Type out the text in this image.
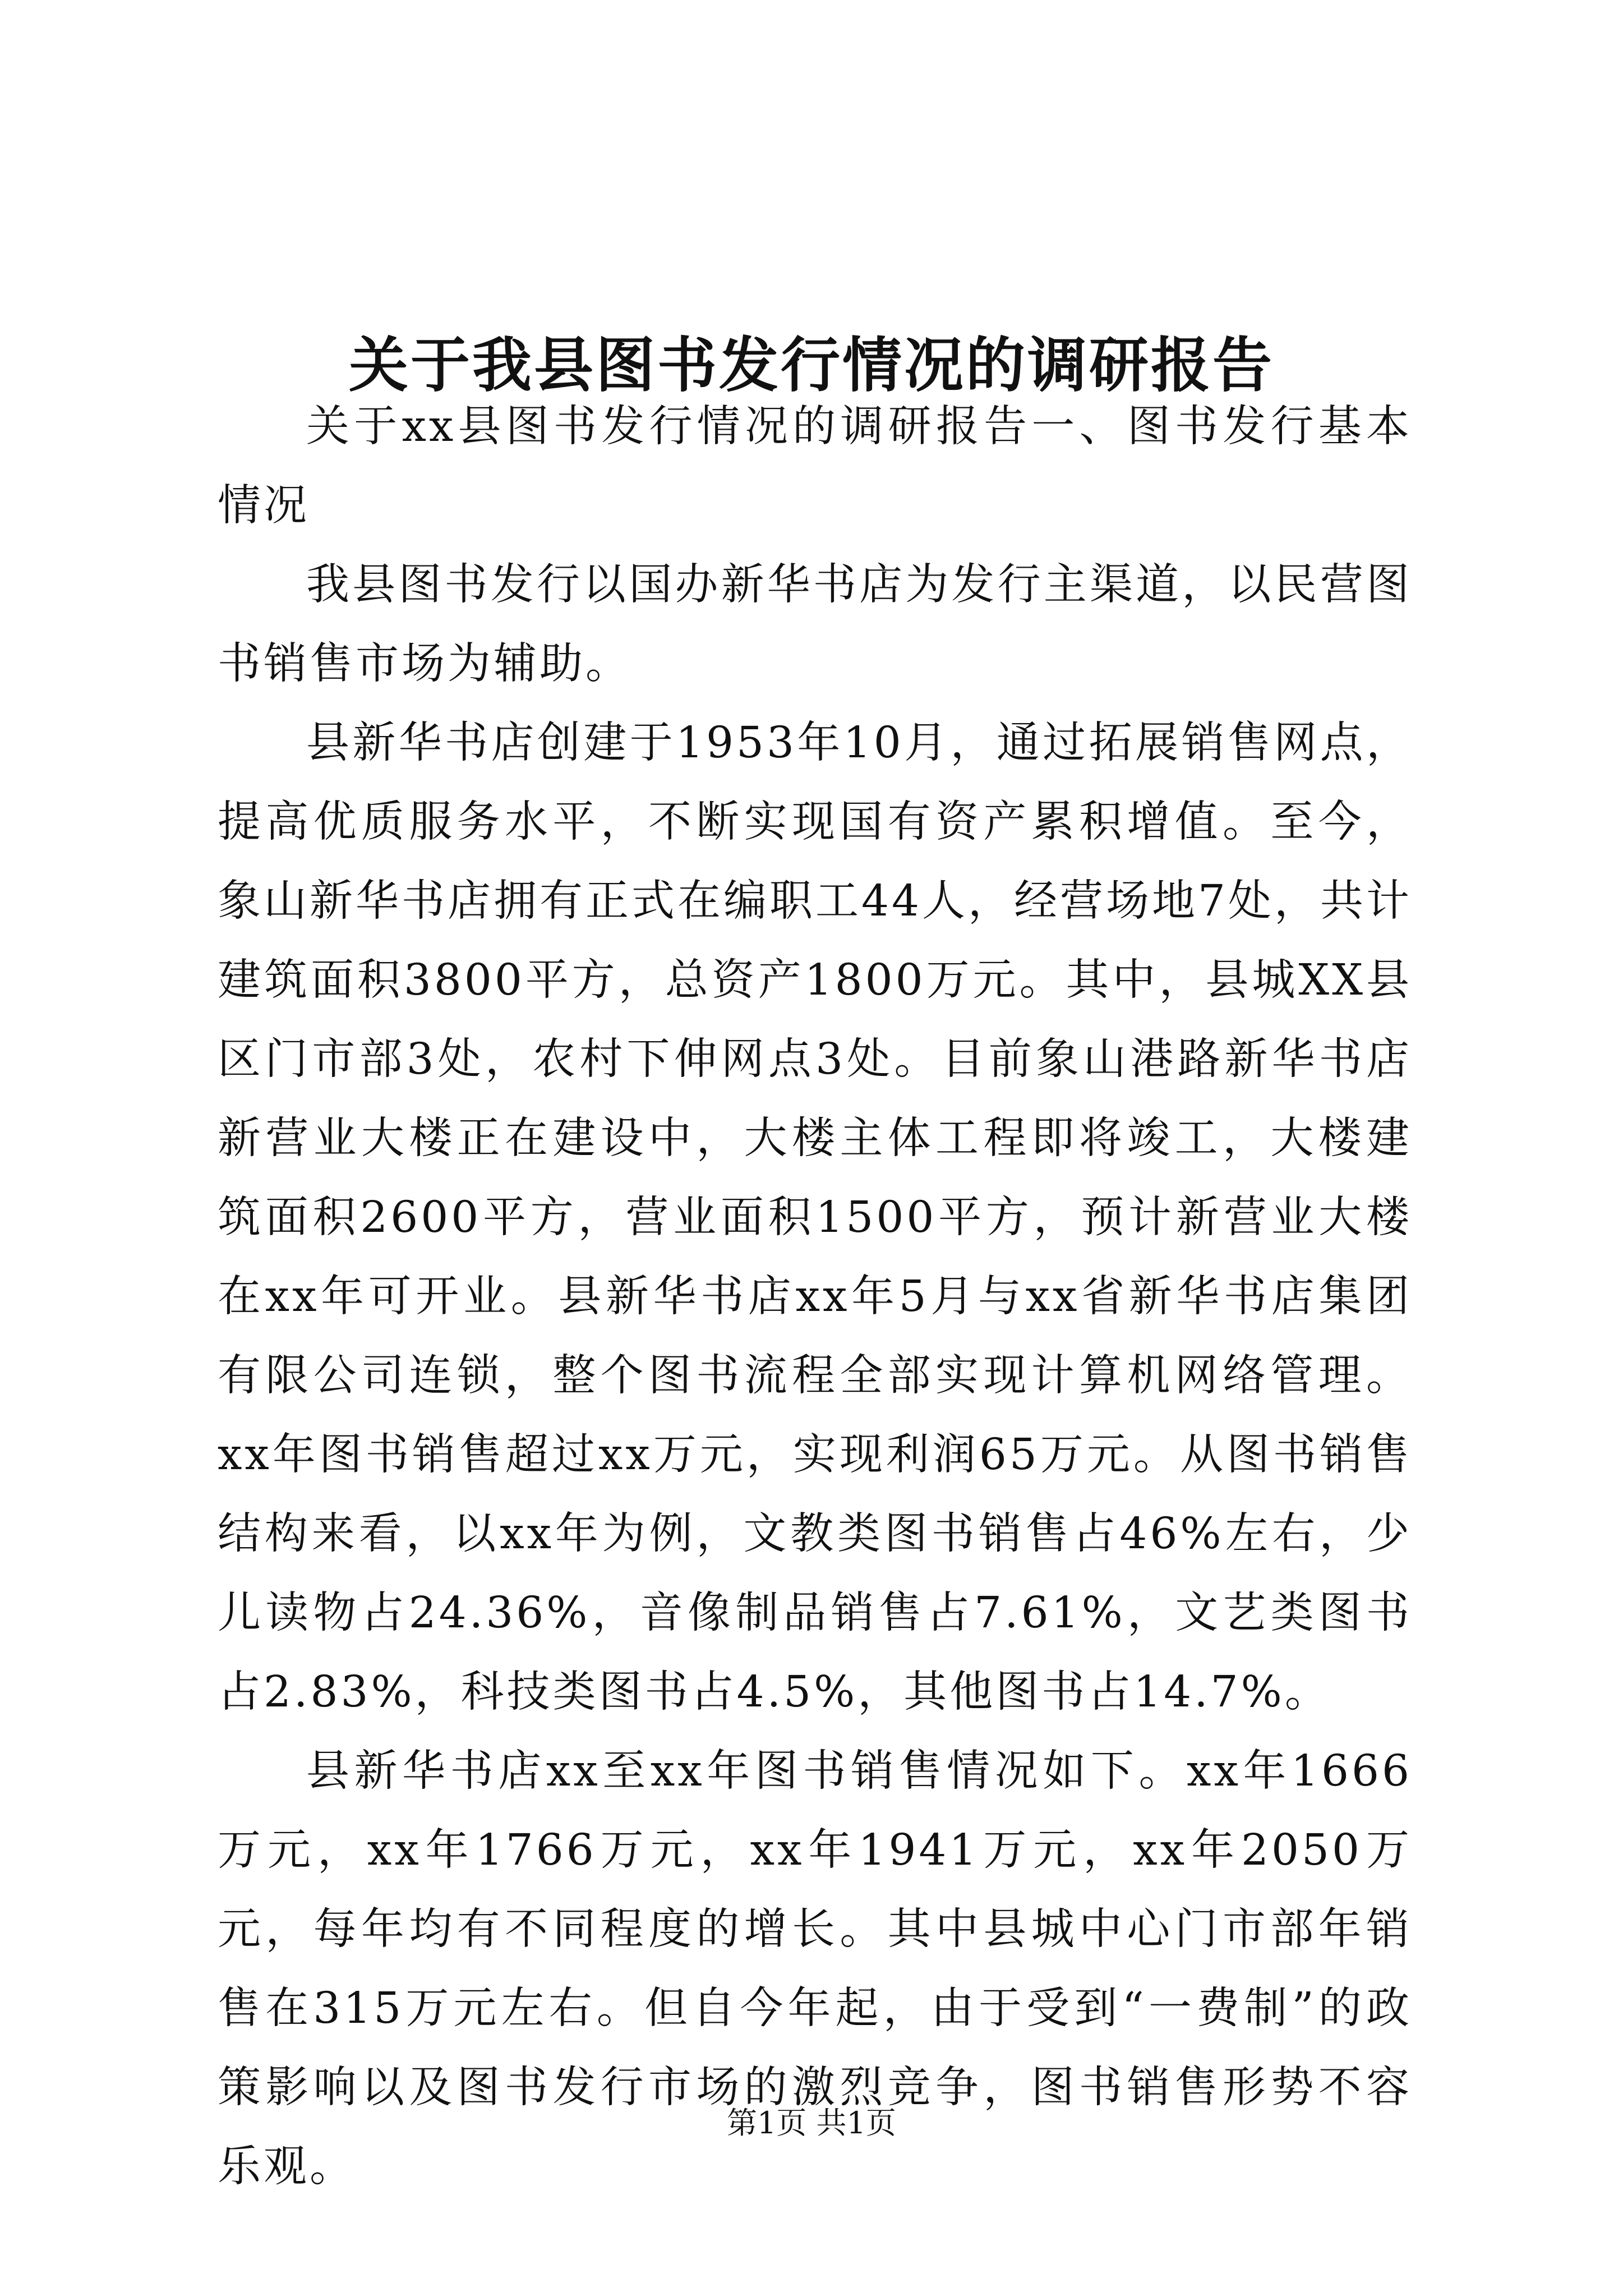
关于我县图书发行情况的调研报告

关于xx县图书发行情况的调研报告一、图书发行基本情况

我县图书发行以国办新华书店为发行主渠道，以民营图书销售市场为辅助。

县新华书店创建于1953年10月，通过拓展销售网点，提高优质服务水平，不断实现国有资产累积增值。至今，象山新华书店拥有正式在编职工44人，经营场地7处，共计建筑面积3800平方，总资产1800万元。其中，县城XX县区门市部3处，农村下伸网点3处。目前象山港路新华书店新营业大楼正在建设中，大楼主体工程即将竣工，大楼建筑面积2600平方，营业面积1500平方，预计新营业大楼在xx年可开业。县新华书店xx年5月与xx省新华书店集团有限公司连锁，整个图书流程全部实现计算机网络管理。xx年图书销售超过xx万元，实现利润65万元。从图书销售结构来看，以xx年为例，文教类图书销售占46%左右，少儿读物占24.36%，音像制品销售占7.61%，文艺类图书占2.83%，科技类图书占4.5%，其他图书占14.7%。

县新华书店xx至xx年图书销售情况如下。xx年1666万元，xx年1766万元，xx年1941万元，xx年2050万元，每年均有不同程度的增长。其中县城中心门市部年销售在315万元左右。但自今年起，由于受到“一费制”的政策影响以及图书发行市场的激烈竞争，图书销售形势不容乐观。

第1页 共1页
